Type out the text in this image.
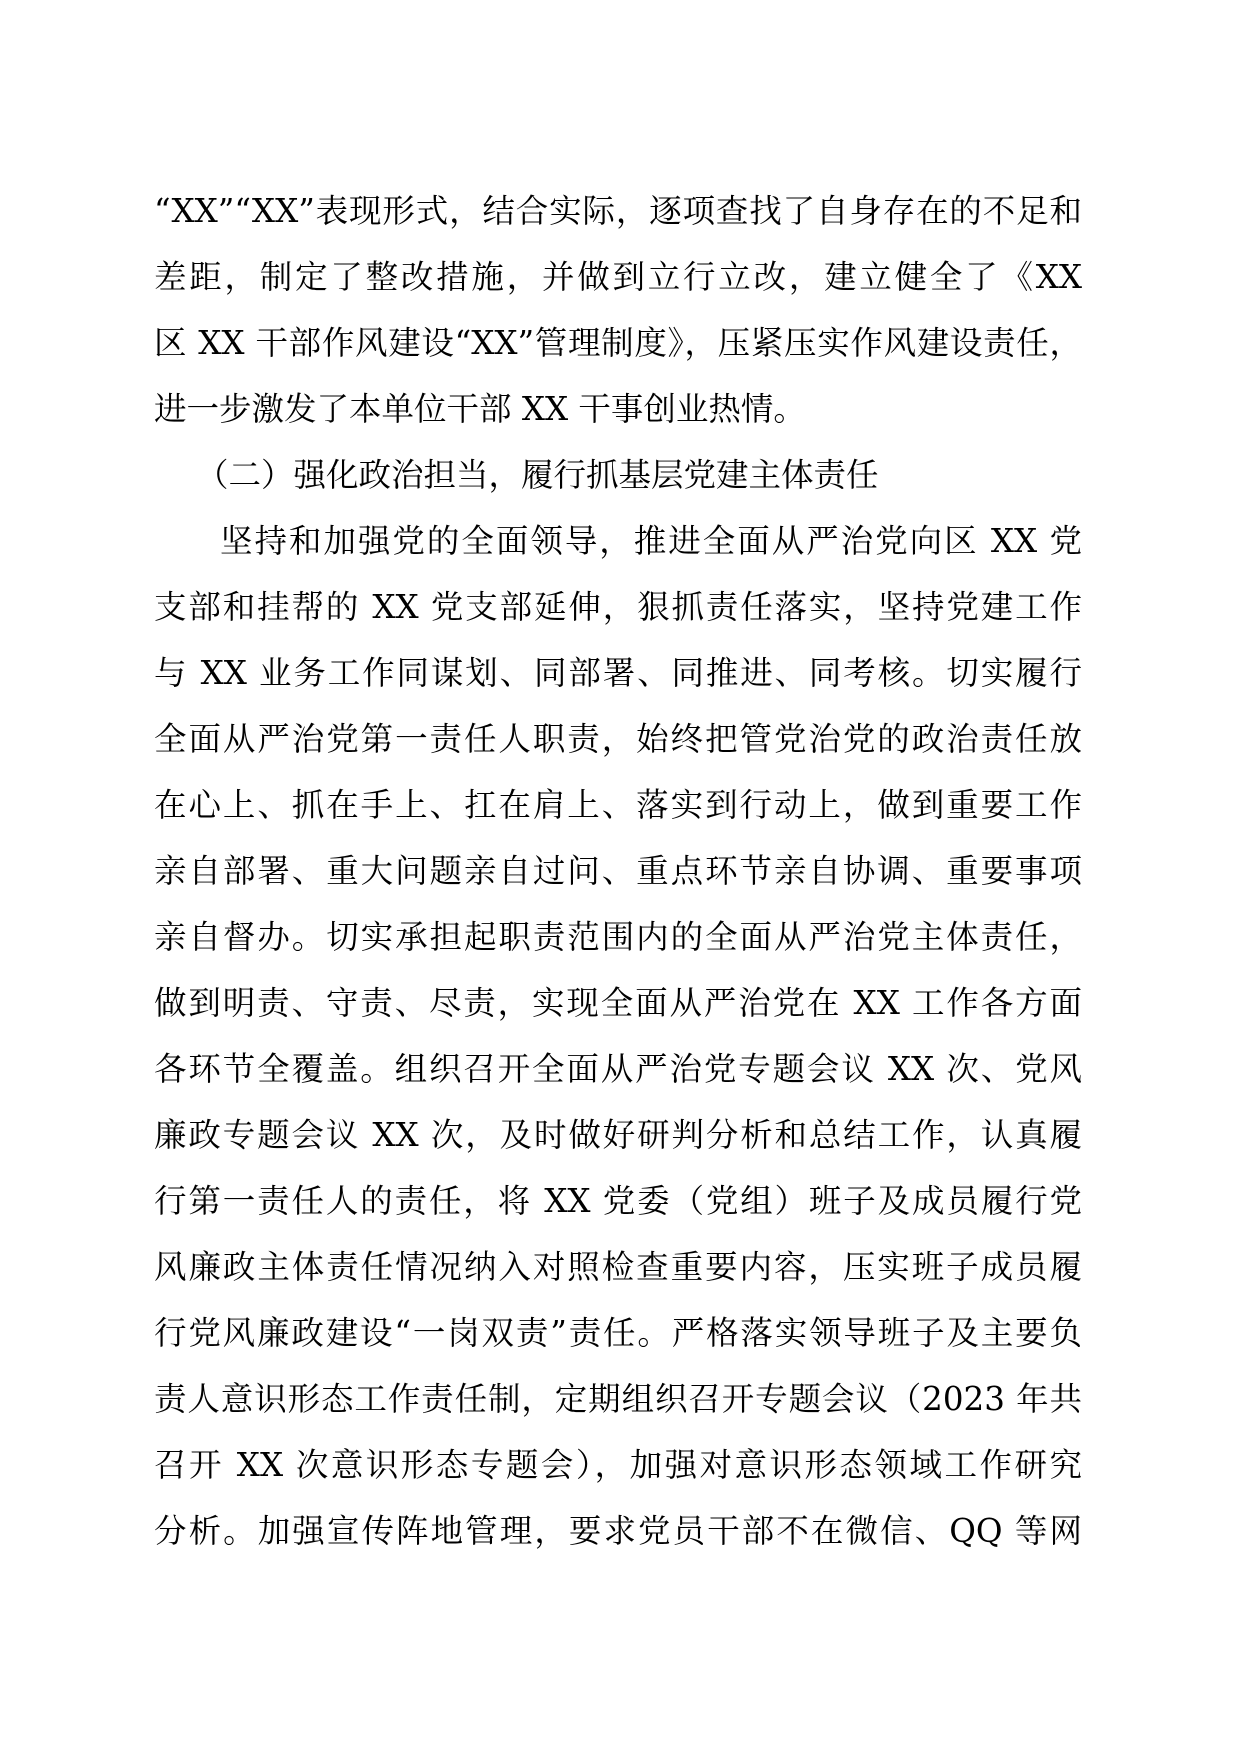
“XX”“XX”表现形式，结合实际，逐项查找了自身存在的不足和
差距，制定了整改措施，并做到立行立改，建立健全了《XX
区 XX 干部作风建设“XX”管理制度》，压紧压实作风建设责任，
进一步激发了本单位干部 XX 干事创业热情。
（二）强化政治担当，履行抓基层党建主体责任
坚持和加强党的全面领导，推进全面从严治党向区 XX 党
支部和挂帮的 XX 党支部延伸，狠抓责任落实，坚持党建工作
与 XX 业务工作同谋划、同部署、同推进、同考核。切实履行
全面从严治党第一责任人职责，始终把管党治党的政治责任放
在心上、抓在手上、扛在肩上、落实到行动上，做到重要工作
亲自部署、重大问题亲自过问、重点环节亲自协调、重要事项
亲自督办。切实承担起职责范围内的全面从严治党主体责任，
做到明责、守责、尽责，实现全面从严治党在 XX 工作各方面
各环节全覆盖。组织召开全面从严治党专题会议 XX 次、党风
廉政专题会议 XX 次，及时做好研判分析和总结工作，认真履
行第一责任人的责任，将 XX 党委（党组）班子及成员履行党
风廉政主体责任情况纳入对照检查重要内容，压实班子成员履
行党风廉政建设“一岗双责”责任。严格落实领导班子及主要负
责人意识形态工作责任制，定期组织召开专题会议（2023 年共
召开 XX 次意识形态专题会），加强对意识形态领域工作研究
分析。加强宣传阵地管理，要求党员干部不在微信、QQ 等网
